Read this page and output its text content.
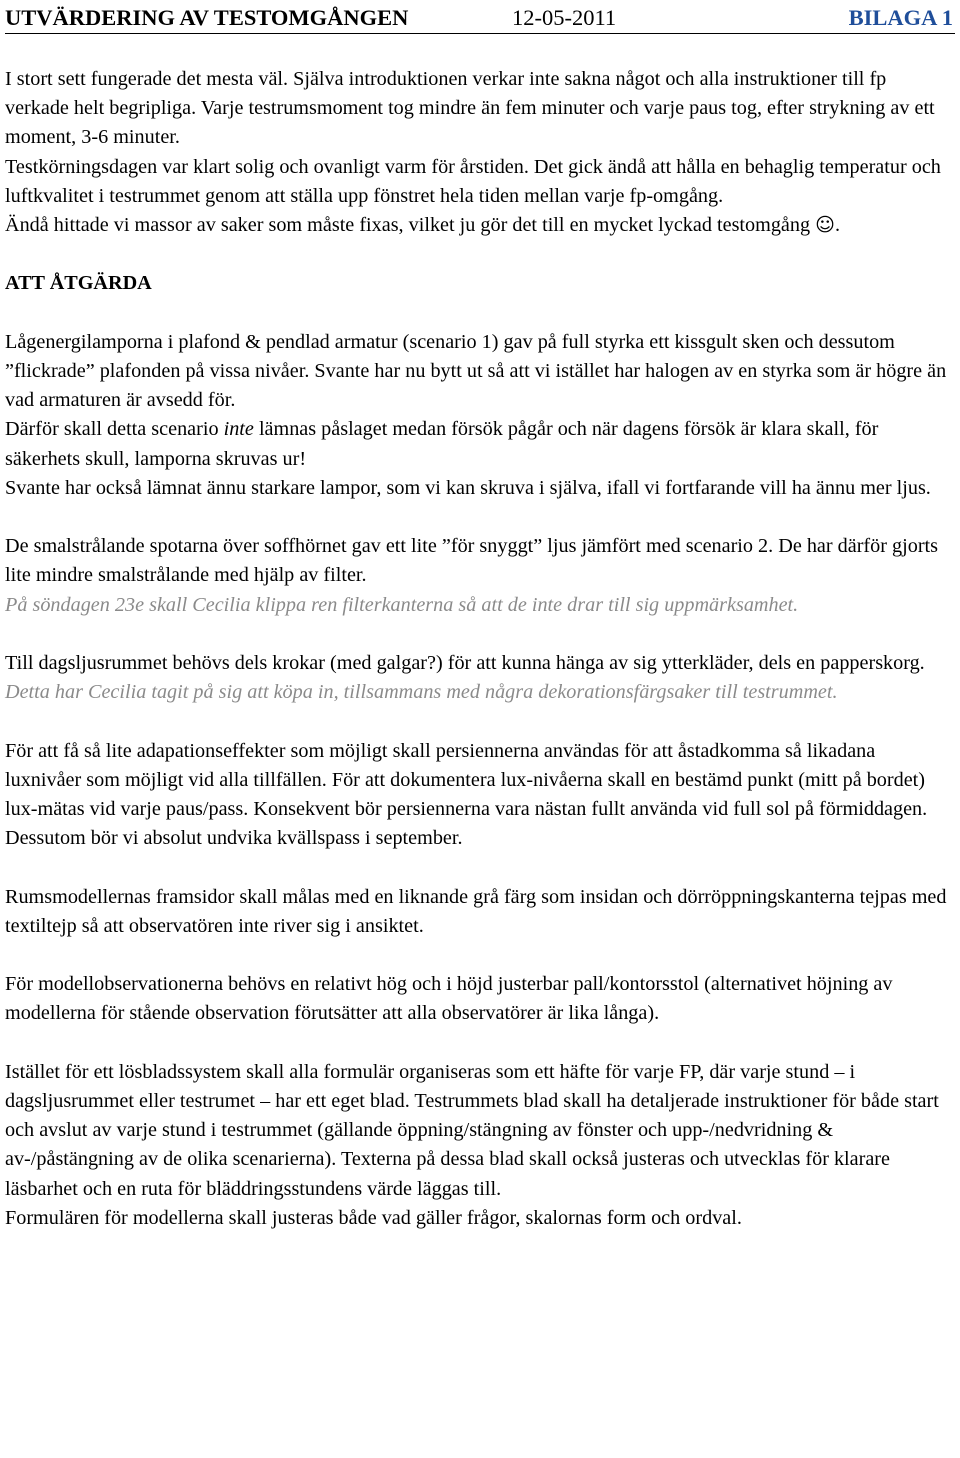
UTVÄRDERING AV TESTOMGÅNGEN	12-05-2011	BILAGA 1

I stort sett fungerade det mesta väl. Själva introduktionen verkar inte sakna något och alla instruktioner till fp verkade helt begripliga. Varje testrumsmoment tog mindre än fem minuter och varje paus tog, efter strykning av ett moment, 3-6 minuter.

Testkörningsdagen var klart solig och ovanligt varm för årstiden. Det gick ändå att hålla en behaglig temperatur och luftkvalitet i testrummet genom att ställa upp fönstret hela tiden mellan varje fp-omgång.

Ändå hittade vi massor av saker som måste fixas, vilket ju gör det till en mycket lyckad testomgång ☺.

ATT ÅTGÄRDA

Lågenergilamporna i plafond & pendlad armatur (scenario 1) gav på full styrka ett kissgult sken och dessutom ”flickrade” plafonden på vissa nivåer. Svante har nu bytt ut så att vi istället har halogen av en styrka som är högre än vad armaturen är avsedd för.

Därför skall detta scenario inte lämnas påslaget medan försök pågår och när dagens försök är klara skall, för säkerhets skull, lamporna skruvas ur!

Svante har också lämnat ännu starkare lampor, som vi kan skruva i själva, ifall vi fortfarande vill ha ännu mer ljus.

De smalstrålande spotarna över soffhörnet gav ett lite ”för snyggt” ljus jämfört med scenario 2. De har därför gjorts lite mindre smalstrålande med hjälp av filter.

På söndagen 23e skall Cecilia klippa ren filterkanterna så att de inte drar till sig uppmärksamhet.

Till dagsljusrummet behövs dels krokar (med galgar?) för att kunna hänga av sig ytterkläder, dels en papperskorg. Detta har Cecilia tagit på sig att köpa in, tillsammans med några dekorationsfärgsaker till testrummet.

För att få så lite adapationseffekter som möjligt skall persiennerna användas för att åstadkomma så likadana luxnivåer som möjligt vid alla tillfällen. För att dokumentera lux-nivåerna skall en bestämd punkt (mitt på bordet) lux-mätas vid varje paus/pass. Konsekvent bör persiennerna vara nästan fullt använda vid full sol på förmiddagen. Dessutom bör vi absolut undvika kvällspass i september.

Rumsmodellernas framsidor skall målas med en liknande grå färg som insidan och dörröppningskanterna tejpas med textiltejp så att observatören inte river sig i ansiktet.

För modellobservationerna behövs en relativt hög och i höjd justerbar pall/kontorsstol (alternativet höjning av modellerna för stående observation förutsätter att alla observatörer är lika långa).

Istället för ett lösbladssystem skall alla formulär organiseras som ett häfte för varje FP, där varje stund – i dagsljusrummet eller testrumet – har ett eget blad. Testrummets blad skall ha detaljerade instruktioner för både start och avslut av varje stund i testrummet (gällande öppning/stängning av fönster och upp-/nedvridning & av-/påstängning av de olika scenarierna). Texterna på dessa blad skall också justeras och utvecklas för klarare läsbarhet och en ruta för bläddringsstundens värde läggas till.

Formulären för modellerna skall justeras både vad gäller frågor, skalornas form och ordval.
